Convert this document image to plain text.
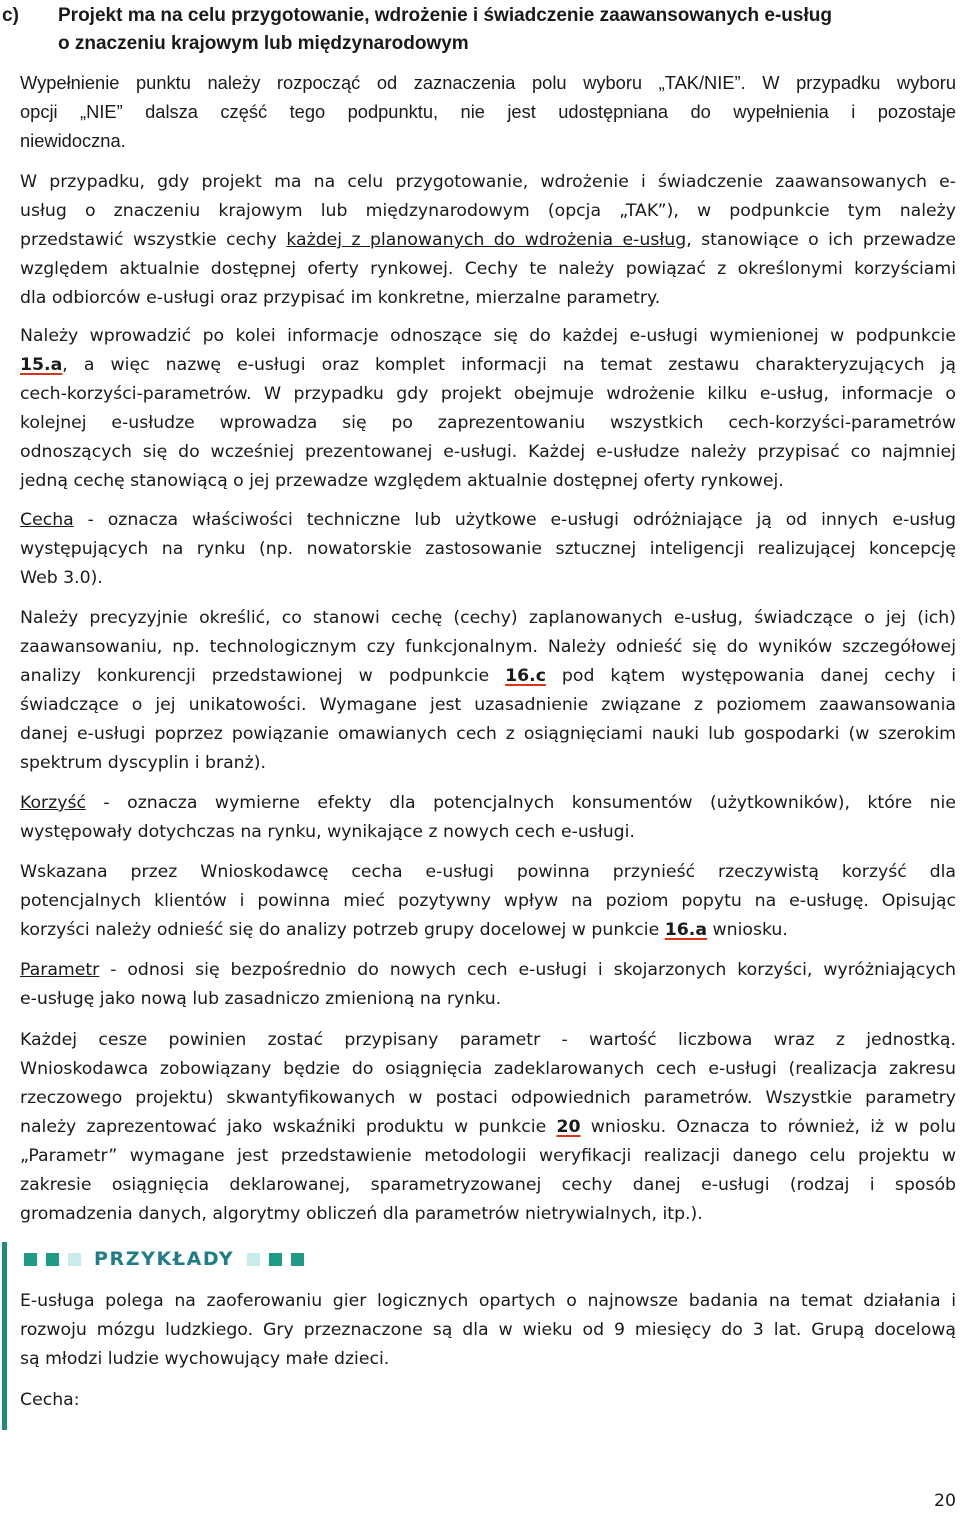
c) Projekt ma na celu przygotowanie, wdrożenie i świadczenie zaawansowanych e-usług
o znaczeniu krajowym lub międzynarodowym
Wypełnienie punktu należy rozpocząć od zaznaczenia polu wyboru „TAK/NIE”. W przypadku wyboru
opcji „NIE” dalsza część tego podpunktu, nie jest udostępniana do wypełnienia i pozostaje
niewidoczna.
W przypadku, gdy projekt ma na celu przygotowanie, wdrożenie i świadczenie zaawansowanych e-
usług o znaczeniu krajowym lub międzynarodowym (opcja „TAK”), w podpunkcie tym należy
przedstawić wszystkie cechy każdej z planowanych do wdrożenia e-usług, stanowiące o ich przewadze
względem aktualnie dostępnej oferty rynkowej. Cechy te należy powiązać z określonymi korzyściami
dla odbiorców e-usługi oraz przypisać im konkretne, mierzalne parametry.
Należy wprowadzić po kolei informacje odnoszące się do każdej e-usługi wymienionej w podpunkcie
15.a, a więc nazwę e-usługi oraz komplet informacji na temat zestawu charakteryzujących ją
cech-korzyści-parametrów. W przypadku gdy projekt obejmuje wdrożenie kilku e-usług, informacje o
kolejnej e-usłudze wprowadza się po zaprezentowaniu wszystkich cech-korzyści-parametrów
odnoszących się do wcześniej prezentowanej e-usługi. Każdej e-usłudze należy przypisać co najmniej
jedną cechę stanowiącą o jej przewadze względem aktualnie dostępnej oferty rynkowej.
Cecha - oznacza właściwości techniczne lub użytkowe e-usługi odróżniające ją od innych e-usług
występujących na rynku (np. nowatorskie zastosowanie sztucznej inteligencji realizującej koncepcję
Web 3.0).
Należy precyzyjnie określić, co stanowi cechę (cechy) zaplanowanych e-usług, świadczące o jej (ich)
zaawansowaniu, np. technologicznym czy funkcjonalnym. Należy odnieść się do wyników szczegółowej
analizy konkurencji przedstawionej w podpunkcie 16.c pod kątem występowania danej cechy i
świadczące o jej unikatowości. Wymagane jest uzasadnienie związane z poziomem zaawansowania
danej e-usługi poprzez powiązanie omawianych cech z osiągnięciami nauki lub gospodarki (w szerokim
spektrum dyscyplin i branż).
Korzyść - oznacza wymierne efekty dla potencjalnych konsumentów (użytkowników), które nie
występowały dotychczas na rynku, wynikające z nowych cech e-usługi.
Wskazana przez Wnioskodawcę cecha e-usługi powinna przynieść rzeczywistą korzyść dla
potencjalnych klientów i powinna mieć pozytywny wpływ na poziom popytu na e-usługę. Opisując
korzyści należy odnieść się do analizy potrzeb grupy docelowej w punkcie 16.a wniosku.
Parametr - odnosi się bezpośrednio do nowych cech e-usługi i skojarzonych korzyści, wyróżniających
e-usługę jako nową lub zasadniczo zmienioną na rynku.
Każdej cesze powinien zostać przypisany parametr - wartość liczbowa wraz z jednostką.
Wnioskodawca zobowiązany będzie do osiągnięcia zadeklarowanych cech e-usługi (realizacja zakresu
rzeczowego projektu) skwantyfikowanych w postaci odpowiednich parametrów. Wszystkie parametry
należy zaprezentować jako wskaźniki produktu w punkcie 20 wniosku. Oznacza to również, iż w polu
„Parametr” wymagane jest przedstawienie metodologii weryfikacji realizacji danego celu projektu w
zakresie osiągnięcia deklarowanej, sparametryzowanej cechy danej e-usługi (rodzaj i sposób
gromadzenia danych, algorytmy obliczeń dla parametrów nietrywialnych, itp.).
PRZYKŁADY
E-usługa polega na zaoferowaniu gier logicznych opartych o najnowsze badania na temat działania i
rozwoju mózgu ludzkiego. Gry przeznaczone są dla w wieku od 9 miesięcy do 3 lat. Grupą docelową
są młodzi ludzie wychowujący małe dzieci.
Cecha:
20
